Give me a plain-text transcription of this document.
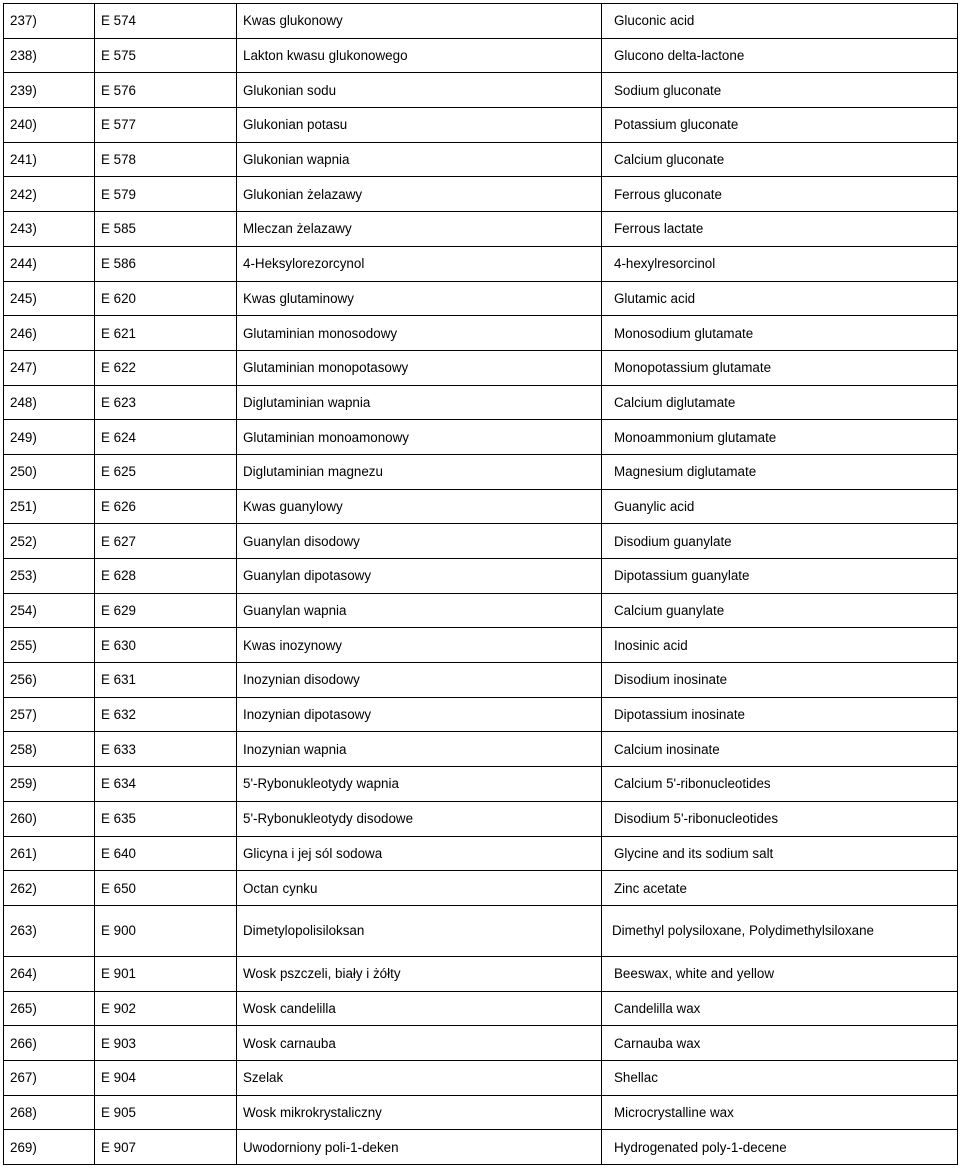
237)	E 574	Kwas glukonowy	Gluconic acid
238)	E 575	Lakton kwasu glukonowego	Glucono delta-lactone
239)	E 576	Glukonian sodu	Sodium gluconate
240)	E 577	Glukonian potasu	Potassium gluconate
241)	E 578	Glukonian wapnia	Calcium gluconate
242)	E 579	Glukonian żelazawy	Ferrous gluconate
243)	E 585	Mleczan żelazawy	Ferrous lactate
244)	E 586	4-Heksylorezorcynol	4-hexylresorcinol
245)	E 620	Kwas glutaminowy	Glutamic acid
246)	E 621	Glutaminian monosodowy	Monosodium glutamate
247)	E 622	Glutaminian monopotasowy	Monopotassium glutamate
248)	E 623	Diglutaminian wapnia	Calcium diglutamate
249)	E 624	Glutaminian monoamonowy	Monoammonium glutamate
250)	E 625	Diglutaminian magnezu	Magnesium diglutamate
251)	E 626	Kwas guanylowy	Guanylic acid
252)	E 627	Guanylan disodowy	Disodium guanylate
253)	E 628	Guanylan dipotasowy	Dipotassium guanylate
254)	E 629	Guanylan wapnia	Calcium guanylate
255)	E 630	Kwas inozynowy	Inosinic acid
256)	E 631	Inozynian disodowy	Disodium inosinate
257)	E 632	Inozynian dipotasowy	Dipotassium inosinate
258)	E 633	Inozynian wapnia	Calcium inosinate
259)	E 634	5'-Rybonukleotydy wapnia	Calcium 5'-ribonucleotides
260)	E 635	5'-Rybonukleotydy disodowe	Disodium 5'-ribonucleotides
261)	E 640	Glicyna i jej sól sodowa	Glycine and its sodium salt
262)	E 650	Octan cynku	Zinc acetate
263)	E 900	Dimetylopolisiloksan	Dimethyl polysiloxane, Polydimethylsiloxane
264)	E 901	Wosk pszczeli, biały i żółty	Beeswax, white and yellow
265)	E 902	Wosk candelilla	Candelilla wax
266)	E 903	Wosk carnauba	Carnauba wax
267)	E 904	Szelak	Shellac
268)	E 905	Wosk mikrokrystaliczny	Microcrystalline wax
269)	E 907	Uwodorniony poli-1-deken	Hydrogenated poly-1-decene
